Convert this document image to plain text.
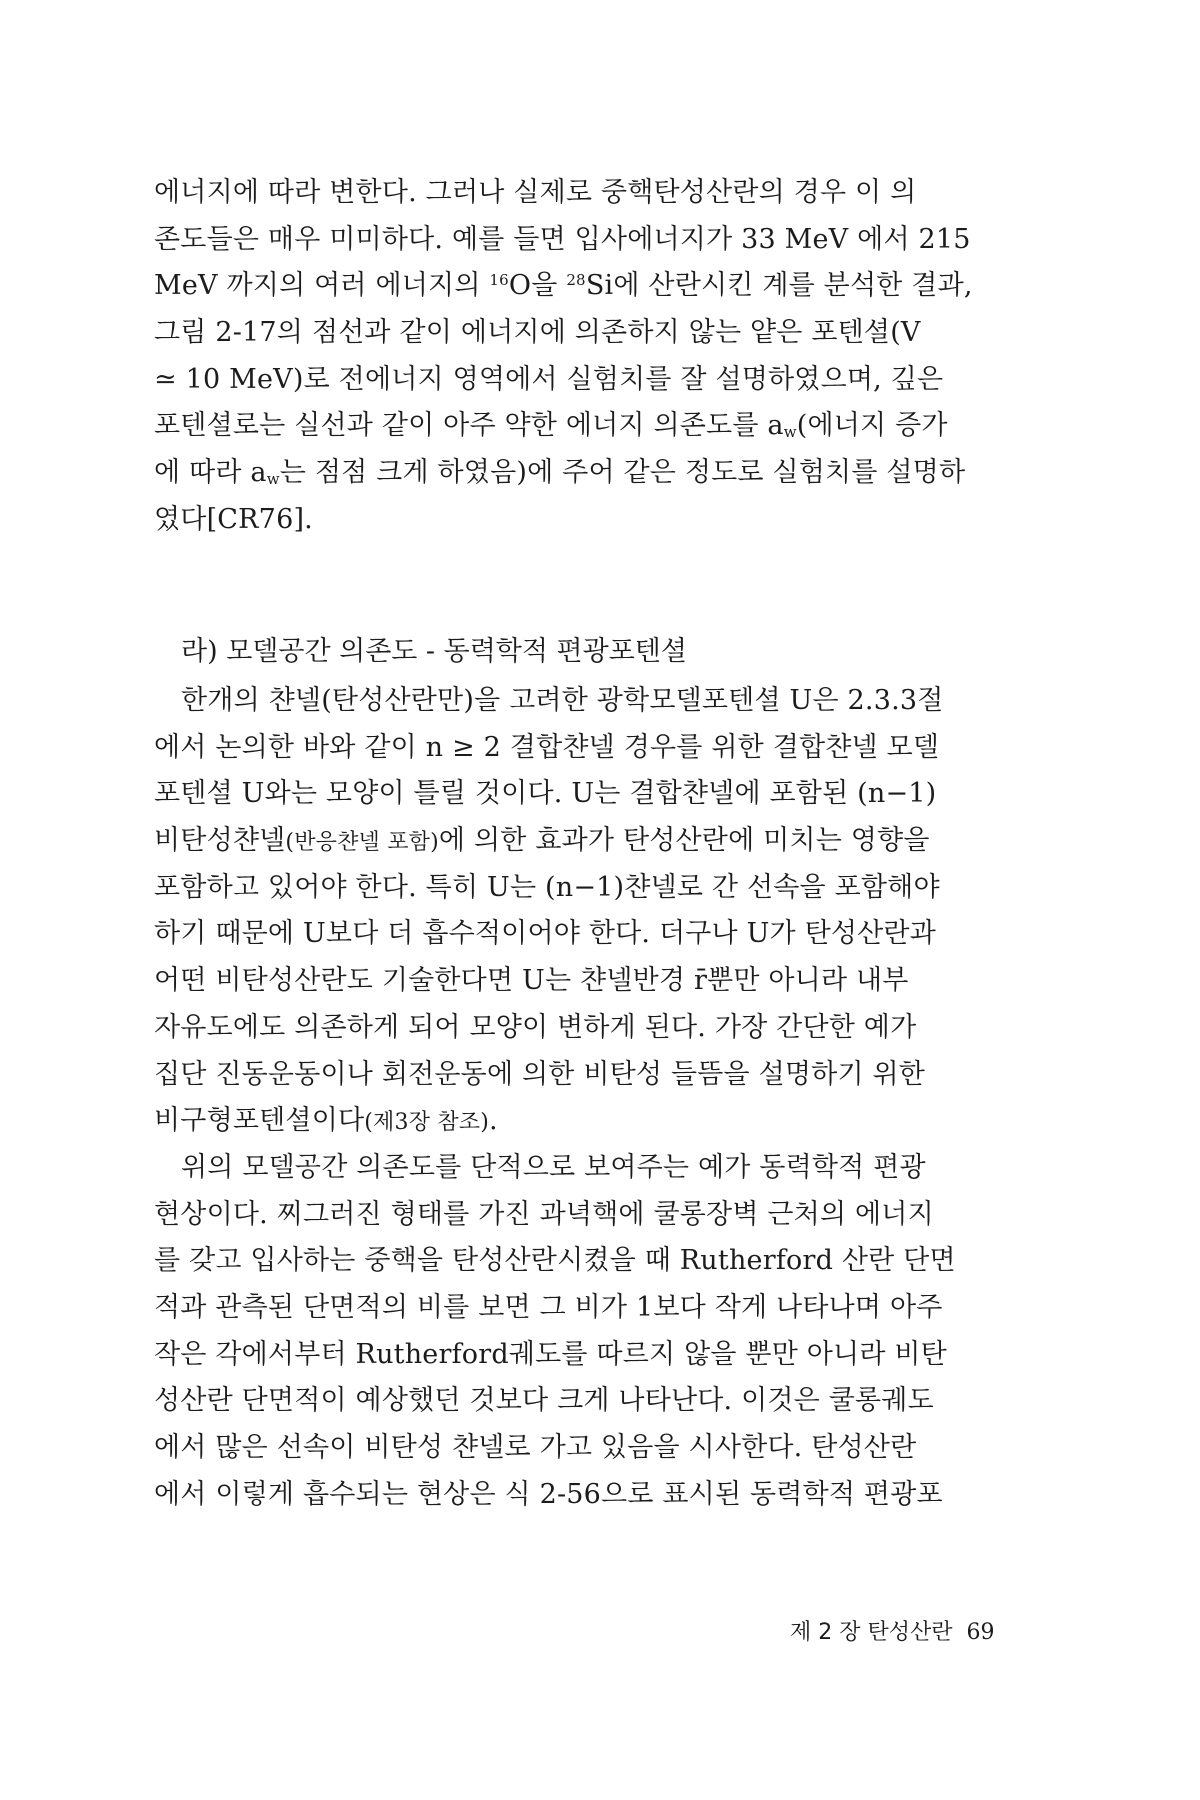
에너지에 따라 변한다. 그러나 실제로 중핵탄성산란의 경우 이 의
존도들은 매우 미미하다. 예를 들면 입사에너지가 33 MeV 에서 215
MeV 까지의 여러 에너지의 $^{16}$O을 $^{28}$Si에 산란시킨 계를 분석한 결과,
그림 2-17의 점선과 같이 에너지에 의존하지 않는 얕은 포텐셜(V
≃ 10 MeV)로 전에너지 영역에서 실험치를 잘 설명하였으며, 깊은
포텐셜로는 실선과 같이 아주 약한 에너지 의존도를 $a_w$(에너지 증가
에 따라 $a_w$는 점점 크게 하였음)에 주어 같은 정도로 실험치를 설명하
였다[CR76].
라) 모델공간 의존도 - 동력학적 편광포텐셜
한개의 챤넬(탄성산란만)을 고려한 광학모델포텐셜 U은 2.3.3절
에서 논의한 바와 같이 n ≥ 2 결합챤넬 경우를 위한 결합챤넬 모델
포텐셜 U와는 모양이 틀릴 것이다. U는 결합챤넬에 포함된 (n−1)
비탄성챤넬(반응챤넬 포함)에 의한 효과가 탄성산란에 미치는 영향을
포함하고 있어야 한다. 특히 U는 (n−1)챤넬로 간 선속을 포함해야
하기 때문에 U보다 더 흡수적이어야 한다. 더구나 U가 탄성산란과
어떤 비탄성산란도 기술한다면 U는 챤넬반경 r̄뿐만 아니라 내부
자유도에도 의존하게 되어 모양이 변하게 된다. 가장 간단한 예가
집단 진동운동이나 회전운동에 의한 비탄성 들뜸을 설명하기 위한
비구형포텐셜이다(제3장 참조).
위의 모델공간 의존도를 단적으로 보여주는 예가 동력학적 편광
현상이다. 찌그러진 형태를 가진 과녁핵에 쿨롱장벽 근처의 에너지
를 갖고 입사하는 중핵을 탄성산란시켰을 때 Rutherford 산란 단면
적과 관측된 단면적의 비를 보면 그 비가 1보다 작게 나타나며 아주
작은 각에서부터 Rutherford궤도를 따르지 않을 뿐만 아니라 비탄
성산란 단면적이 예상했던 것보다 크게 나타난다. 이것은 쿨롱궤도
에서 많은 선속이 비탄성 챤넬로 가고 있음을 시사한다. 탄성산란
에서 이렇게 흡수되는 현상은 식 2-56으로 표시된 동력학적 편광포
제 2 장 탄성산란 69
